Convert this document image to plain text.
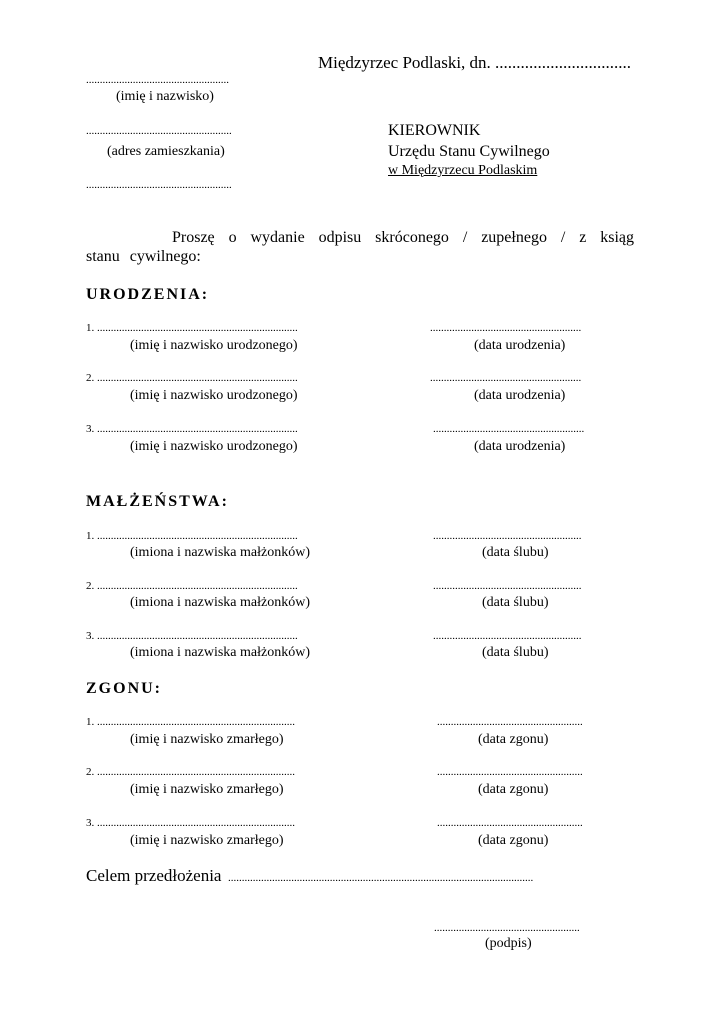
Międzyrzec Podlaski, dn. ................................
....................................................
(imię i nazwisko)
.....................................................
(adres zamieszkania)
.....................................................
KIEROWNIK
Urzędu Stanu Cywilnego
w Międzyrzecu Podlaskim
Proszę o wydanie odpisu skróconego / zupełnego / z ksiąg
stanu cywilnego:
URODZENIA:
1. .........................................................................	.......................................................
(imię i nazwisko urodzonego)	(data urodzenia)
2. .........................................................................	.......................................................
(imię i nazwisko urodzonego)	(data urodzenia)
3. .........................................................................	.......................................................
(imię i nazwisko urodzonego)	(data urodzenia)
MAŁŻEŃSTWA:
1. .........................................................................	......................................................
(imiona i nazwiska małżonków)	(data ślubu)
2. .........................................................................	......................................................
(imiona i nazwiska małżonków)	(data ślubu)
3. .........................................................................	......................................................
(imiona i nazwiska małżonków)	(data ślubu)
ZGONU:
1. ........................................................................	.....................................................
(imię i nazwisko zmarłego)	(data zgonu)
2. ........................................................................	.....................................................
(imię i nazwisko zmarłego)	(data zgonu)
3. ........................................................................	.....................................................
(imię i nazwisko zmarłego)	(data zgonu)
Celem przedłożenia ...............................................................................................................
.....................................................
(podpis)
